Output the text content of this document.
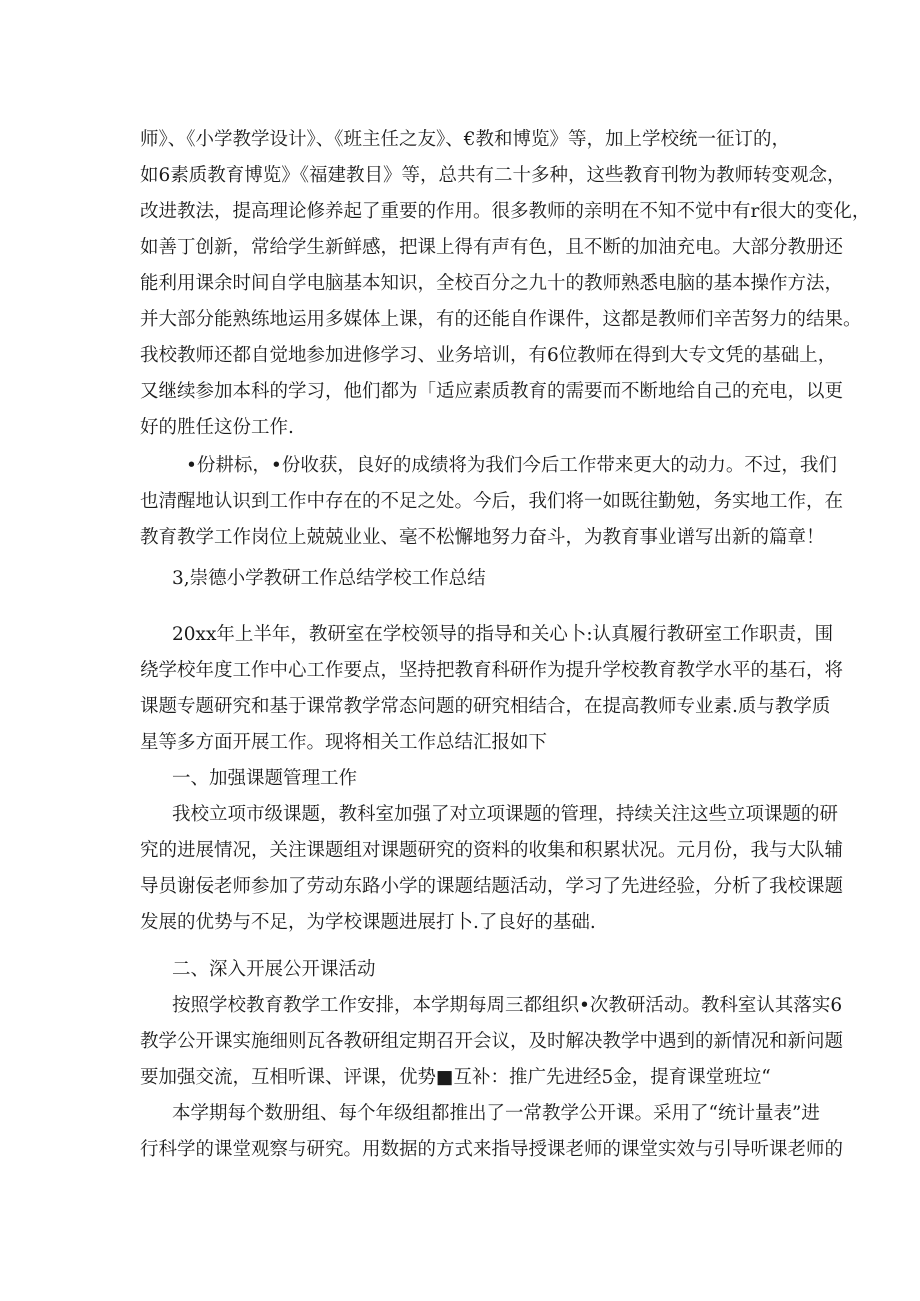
师》、《小学教学设计》、《班主任之友》、€教和博览》等，加上学校统一征订的，
如6素质教育博览》《福建教目》等，总共有二十多种，这些教育刊物为教师转变观念，
改进教法，提高理论修养起了重要的作用。很多教师的亲明在不知不觉中有r很大的变化，
如善丁创新，常给学生新鲜感，把课上得有声有色，且不断的加油充电。大部分教册还
能利用课余时间自学电脑基本知识，全校百分之九十的教师熟悉电脑的基本操作方法，
并大部分能熟练地运用多媒体上课，有的还能自作课件，这都是教师们辛苦努力的结果。
我校教师还都自觉地参加进修学习、业务培训，有6位教师在得到大专文凭的基础上，
又继续参加本科的学习，他们都为「适应素质教育的需要而不断地给自己的充电，以更
好的胜任这份工作.
•份耕标，•份收获，良好的成绩将为我们今后工作带来更大的动力。不过，我们
也清醒地认识到工作中存在的不足之处。今后，我们将一如既往勤勉，务实地工作，在
教育教学工作岗位上兢兢业业、毫不松懈地努力奋斗，为教育事业谱写出新的篇章！
3,崇德小学教研工作总结学校工作总结
20xx年上半年，教研室在学校领导的指导和关心卜:认真履行教研室工作职责，围
绕学校年度工作中心工作要点，坚持把教育科研作为提升学校教育教学水平的基石，将
课题专题研究和基于课常教学常态问题的研究相结合，在提高教师专业素.质与教学质
星等多方面开展工作。现将相关工作总结汇报如下
一、加强课题管理工作
我校立项市级课题，教科室加强了对立项课题的管理，持续关注这些立项课题的研
究的进展情况，关注课题组对课题研究的资料的收集和积累状况。元月份，我与大队辅
导员谢佞老师参加了劳动东路小学的课题结题活动，学习了先进经验，分析了我校课题
发展的优势与不足，为学校课题进展打卜.了良好的基础.
二、深入开展公开课活动
按照学校教育教学工作安排，本学期每周三都组织•次教研活动。教科室认其落实6
教学公开课实施细则瓦各教研组定期召开会议，及时解决教学中遇到的新情况和新问题
要加强交流，互相听课、评课，优势■互补：推广先进经5金，提育课堂班垃“
本学期每个数册组、每个年级组都推出了一常教学公开课。采用了“统计量表”进
行科学的课堂观察与研究。用数据的方式来指导授课老师的课堂实效与引导听课老师的
